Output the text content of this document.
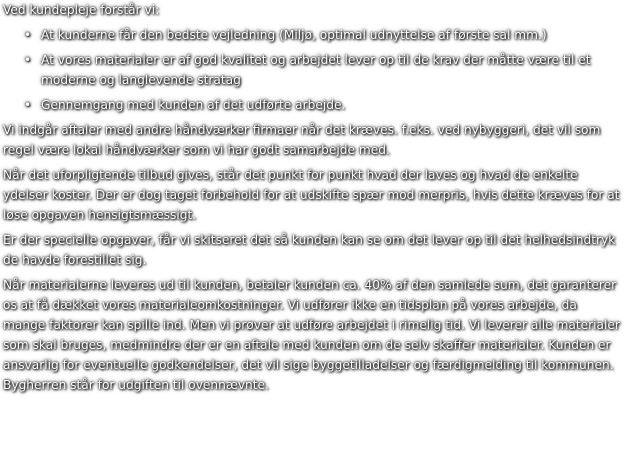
Ved kundepleje forstår vi:

• At kunderne får den bedste vejledning (Miljø, optimal udnyttelse af første sal mm.)
• At vores materialer er af god kvalitet og arbejdet lever op til de krav der måtte være til et moderne og langlevende stratag
• Gennemgang med kunden af det udførte arbejde.

Vi indgår aftaler med andre håndværker firmaer når det kræves. f.eks. ved nybyggeri, det vil som regel være lokal håndværker som vi har godt samarbejde med.

Når det uforpligtende tilbud gives, står det punkt for punkt hvad der laves og hvad de enkelte ydelser koster. Der er dog taget forbehold for at udskifte spær mod merpris, hvis dette kræves for at løse opgaven hensigtsmæssigt.

Er der specielle opgaver, får vi skitseret det så kunden kan se om det lever op til det helhedsindtryk de havde forestillet sig.

Når materialerne leveres ud til kunden, betaler kunden ca. 40% af den samlede sum, det garanterer os at få dækket vores materialeomkostninger. Vi udfører ikke en tidsplan på vores arbejde, da mange faktorer kan spille ind. Men vi prøver at udføre arbejdet i rimelig tid. Vi leverer alle materialer som skal bruges, medmindre der er en aftale med kunden om de selv skaffer materialer. Kunden er ansvarlig for eventuelle godkendelser, det vil sige byggetilladelser og færdigmelding til kommunen. Bygherren står for udgiften til ovennævnte.
